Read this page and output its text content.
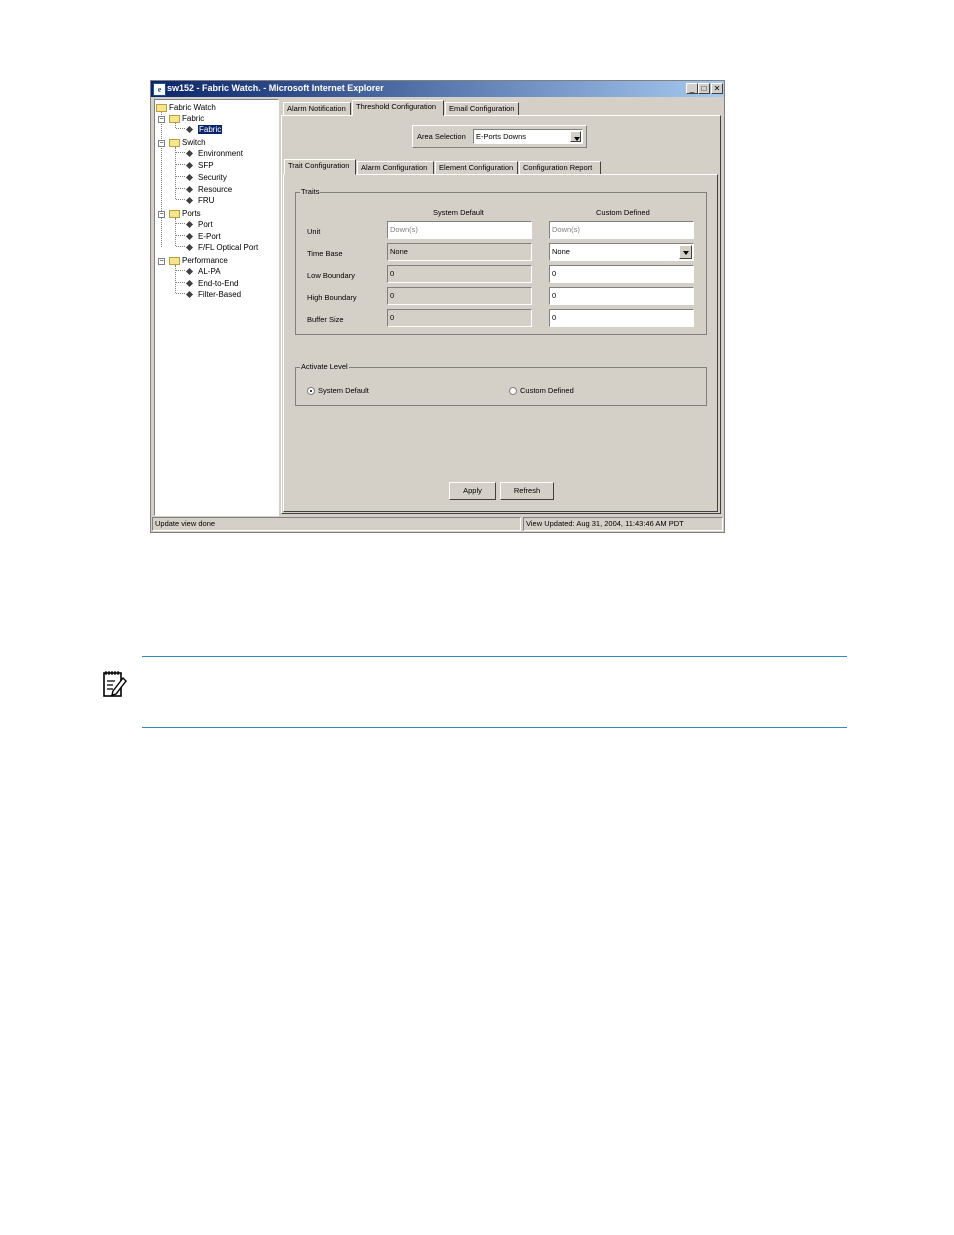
e sw152 - Fabric Watch. - Microsoft Internet Explorer	_ □ ✕
Fabric Watch
−	Fabric
Fabric
−	Switch
Environment
SFP
Security
Resource
FRU
−	Ports
Port
E-Port
F/FL Optical Port
−	Performance
AL-PA
End-to-End
Filter-Based
Alarm Notification	Threshold Configuration	Email Configuration
Area Selection	E-Ports Downs
Trait Configuration	Alarm Configuration	Element Configuration	Configuration Report
Traits
System Default	Custom Defined
Unit	Down(s)	Down(s)
Time Base	None	None
Low Boundary	0	0
High Boundary	0	0
Buffer Size	0	0
Activate Level
System Default	Custom Defined
Apply	Refresh
Update view done	View Updated: Aug 31, 2004, 11:43:46 AM PDT
